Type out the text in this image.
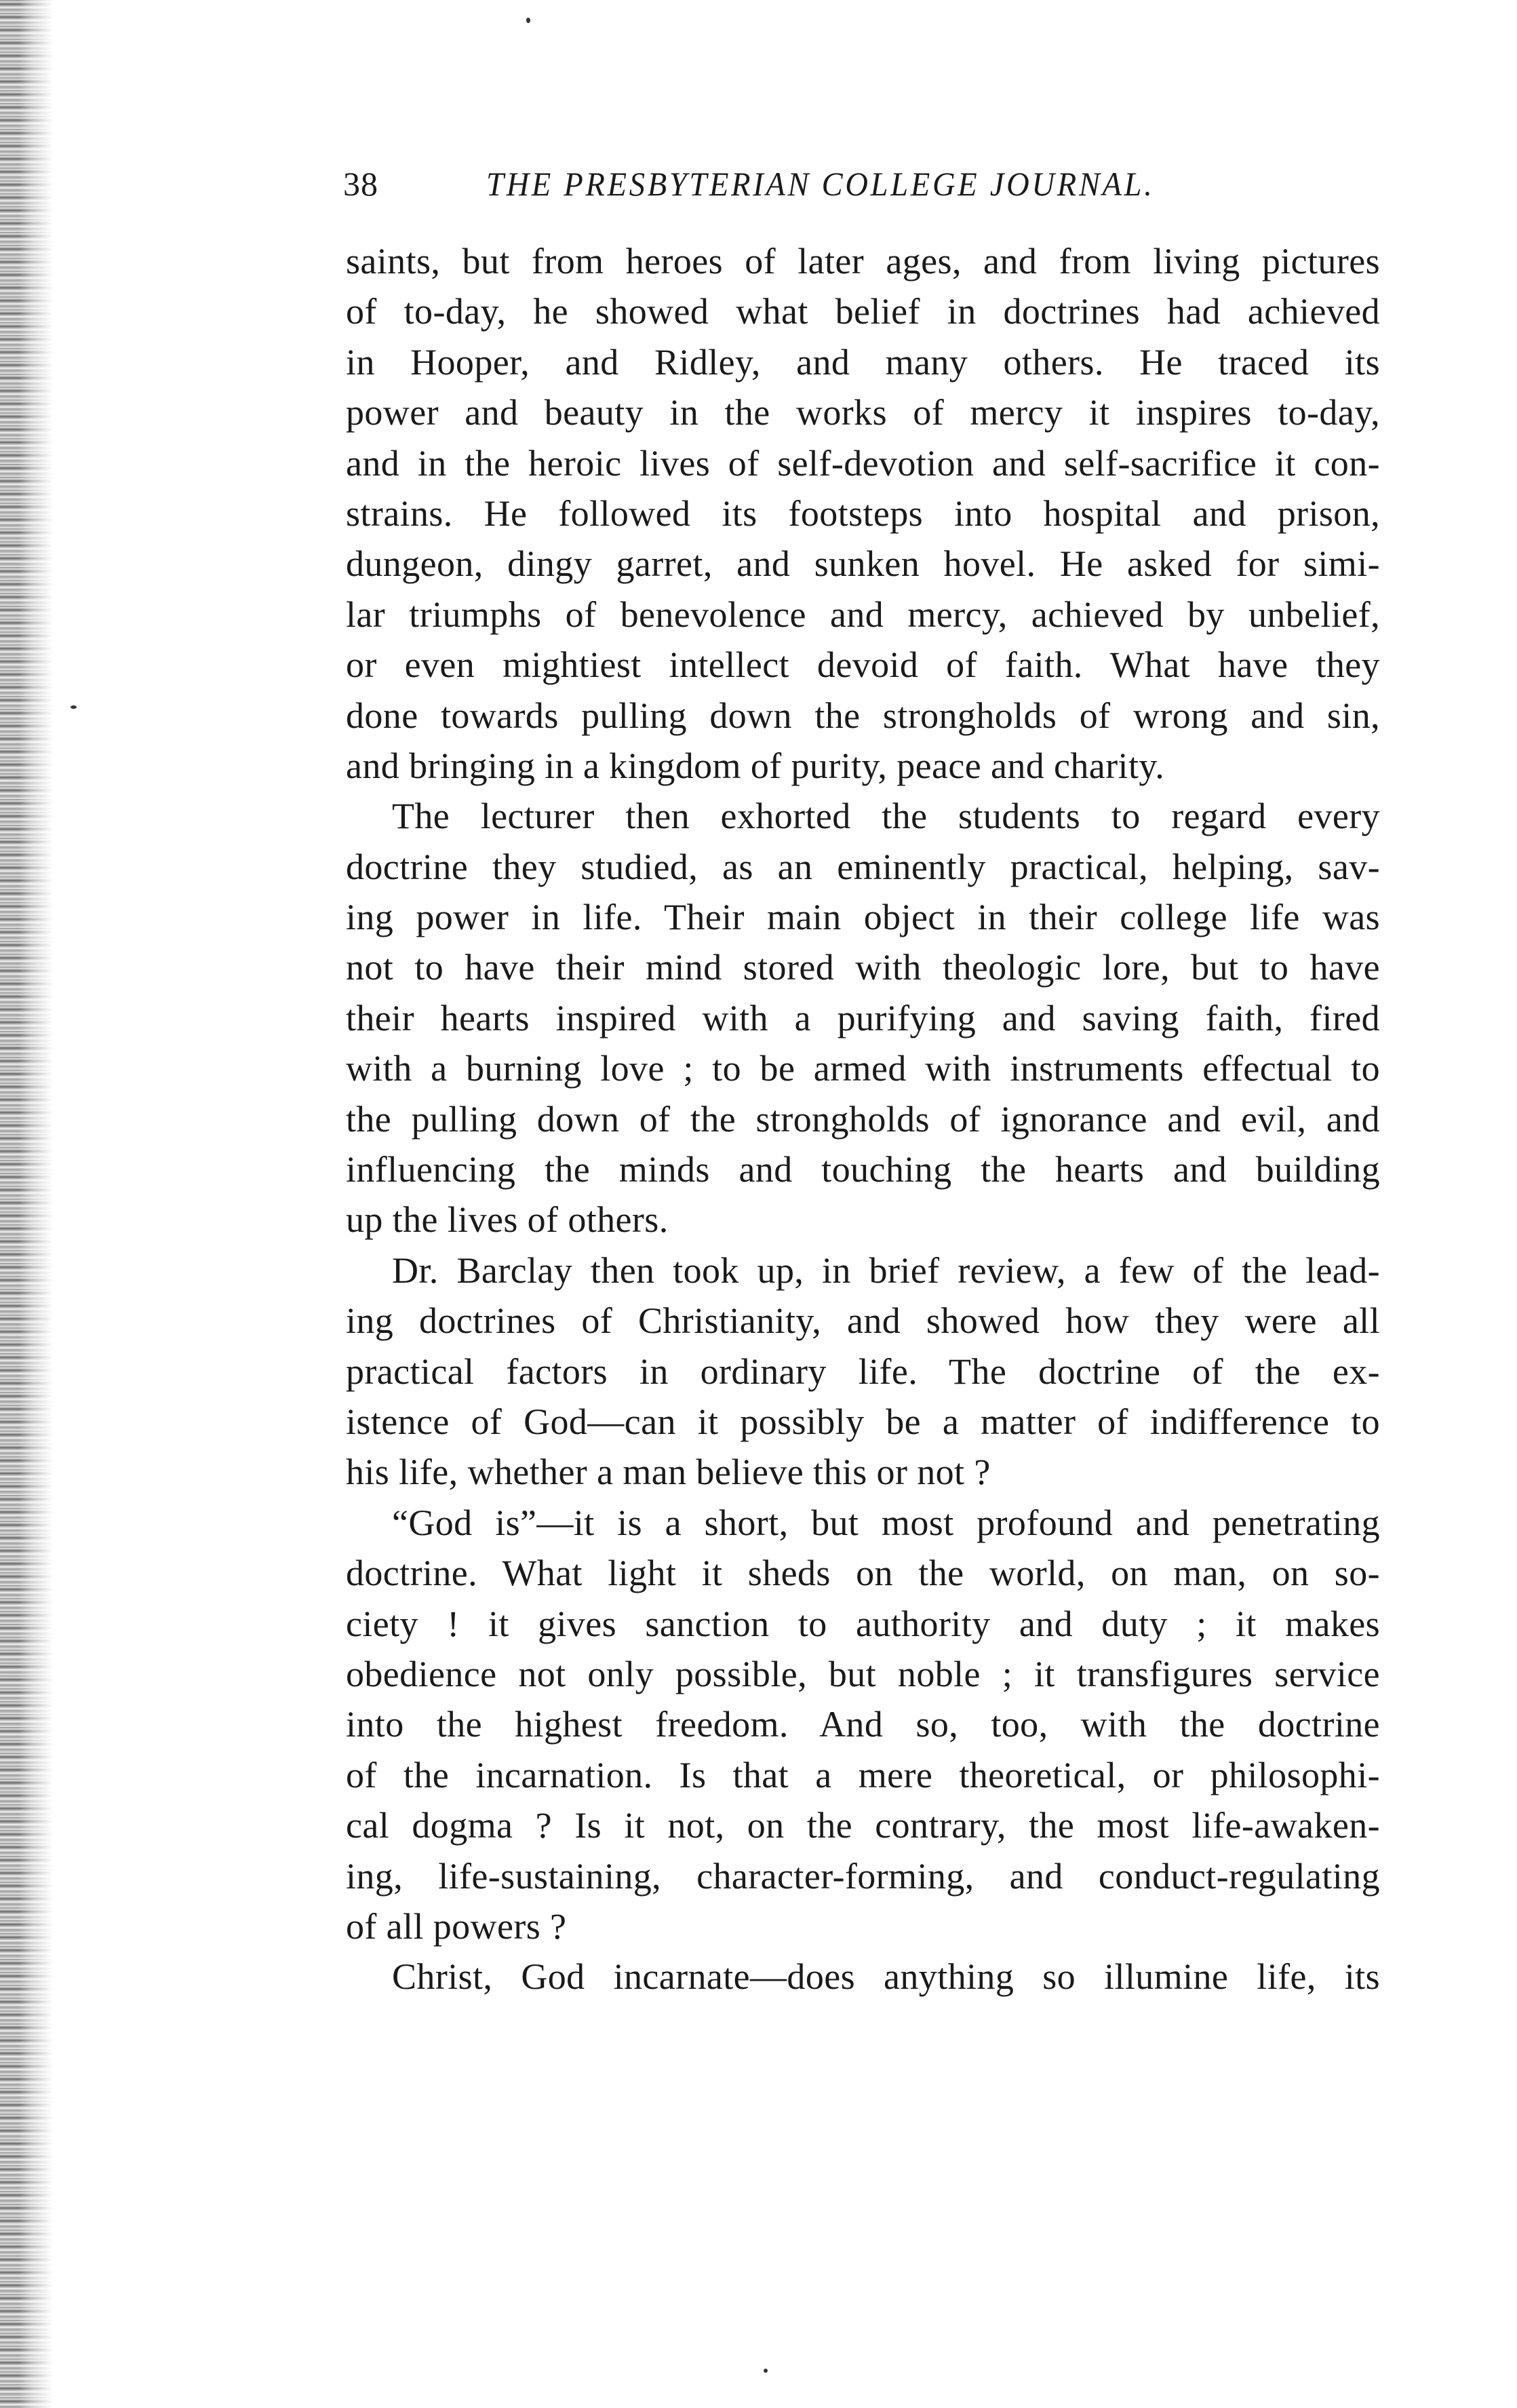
38	THE PRESBYTERIAN COLLEGE JOURNAL.
saints, but from heroes of later ages, and from living pictures
of to-day, he showed what belief in doctrines had achieved
in Hooper, and Ridley, and many others. He traced its
power and beauty in the works of mercy it inspires to-day,
and in the heroic lives of self-devotion and self-sacrifice it con-
strains. He followed its footsteps into hospital and prison,
dungeon, dingy garret, and sunken hovel. He asked for simi-
lar triumphs of benevolence and mercy, achieved by unbelief,
or even mightiest intellect devoid of faith. What have they
done towards pulling down the strongholds of wrong and sin,
and bringing in a kingdom of purity, peace and charity.
The lecturer then exhorted the students to regard every
doctrine they studied, as an eminently practical, helping, sav-
ing power in life. Their main object in their college life was
not to have their mind stored with theologic lore, but to have
their hearts inspired with a purifying and saving faith, fired
with a burning love ; to be armed with instruments effectual to
the pulling down of the strongholds of ignorance and evil, and
influencing the minds and touching the hearts and building
up the lives of others.
Dr. Barclay then took up, in brief review, a few of the lead-
ing doctrines of Christianity, and showed how they were all
practical factors in ordinary life. The doctrine of the ex-
istence of God—can it possibly be a matter of indifference to
his life, whether a man believe this or not ?
“God is”—it is a short, but most profound and penetrating
doctrine. What light it sheds on the world, on man, on so-
ciety ! it gives sanction to authority and duty ; it makes
obedience not only possible, but noble ; it transfigures service
into the highest freedom. And so, too, with the doctrine
of the incarnation. Is that a mere theoretical, or philosophi-
cal dogma ? Is it not, on the contrary, the most life-awaken-
ing, life-sustaining, character-forming, and conduct-regulating
of all powers ?
Christ, God incarnate—does anything so illumine life, its
